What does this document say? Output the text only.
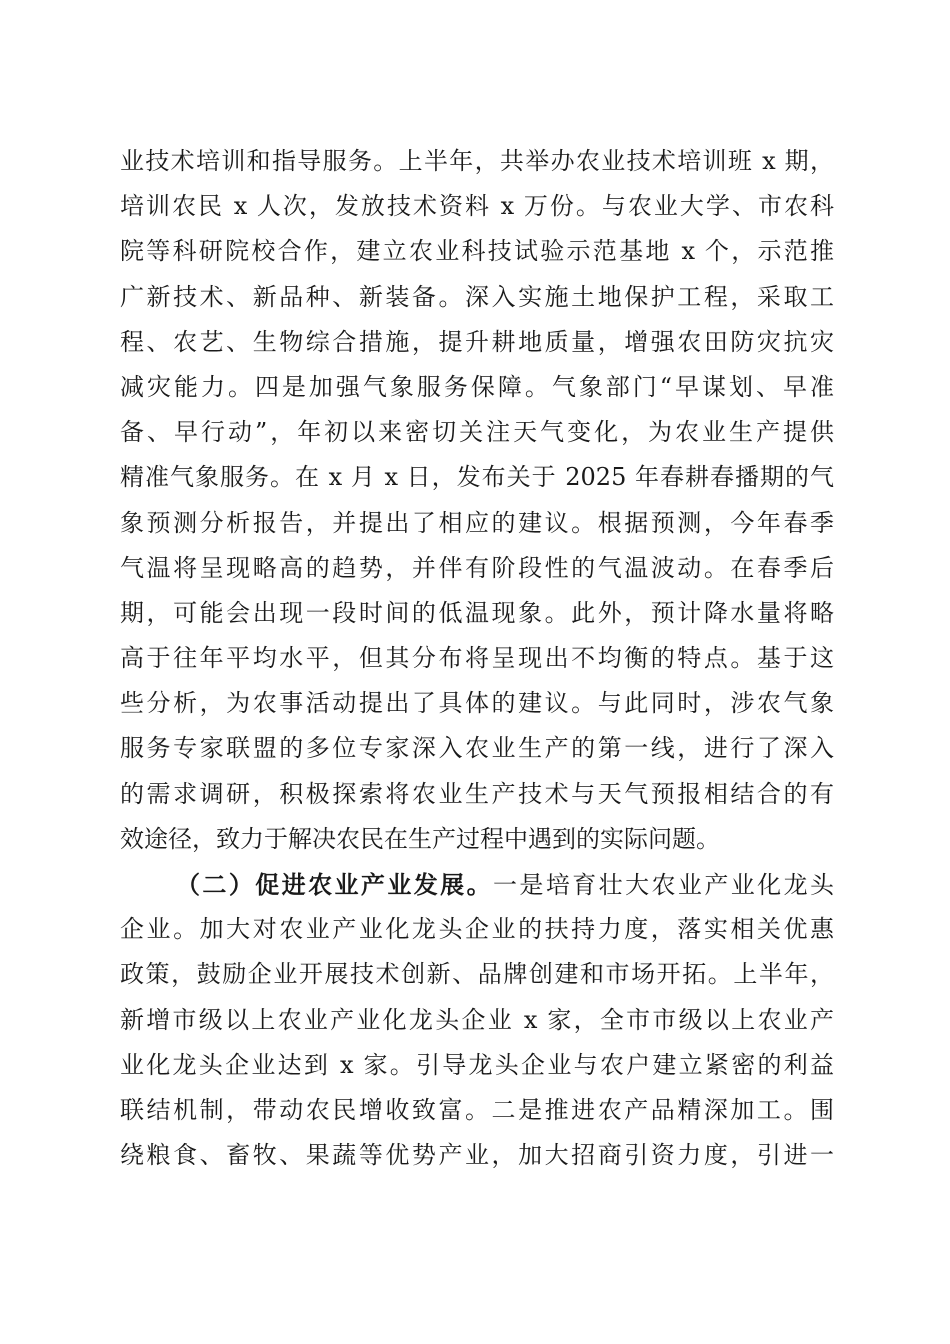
业技术培训和指导服务。上半年，共举办农业技术培训班 x 期，
培训农民 x 人次，发放技术资料 x 万份。与农业大学、市农科
院等科研院校合作，建立农业科技试验示范基地 x 个，示范推
广新技术、新品种、新装备。深入实施土地保护工程，采取工
程、农艺、生物综合措施，提升耕地质量，增强农田防灾抗灾
减灾能力。四是加强气象服务保障。气象部门“早谋划、早准
备、早行动”，年初以来密切关注天气变化，为农业生产提供
精准气象服务。在 x 月 x 日，发布关于 2025 年春耕春播期的气
象预测分析报告，并提出了相应的建议。根据预测，今年春季
气温将呈现略高的趋势，并伴有阶段性的气温波动。在春季后
期，可能会出现一段时间的低温现象。此外，预计降水量将略
高于往年平均水平，但其分布将呈现出不均衡的特点。基于这
些分析，为农事活动提出了具体的建议。与此同时，涉农气象
服务专家联盟的多位专家深入农业生产的第一线，进行了深入
的需求调研，积极探索将农业生产技术与天气预报相结合的有
效途径，致力于解决农民在生产过程中遇到的实际问题。
（二）促进农业产业发展。一是培育壮大农业产业化龙头
企业。加大对农业产业化龙头企业的扶持力度，落实相关优惠
政策，鼓励企业开展技术创新、品牌创建和市场开拓。上半年，
新增市级以上农业产业化龙头企业 x 家，全市市级以上农业产
业化龙头企业达到 x 家。引导龙头企业与农户建立紧密的利益
联结机制，带动农民增收致富。二是推进农产品精深加工。围
绕粮食、畜牧、果蔬等优势产业，加大招商引资力度，引进一
